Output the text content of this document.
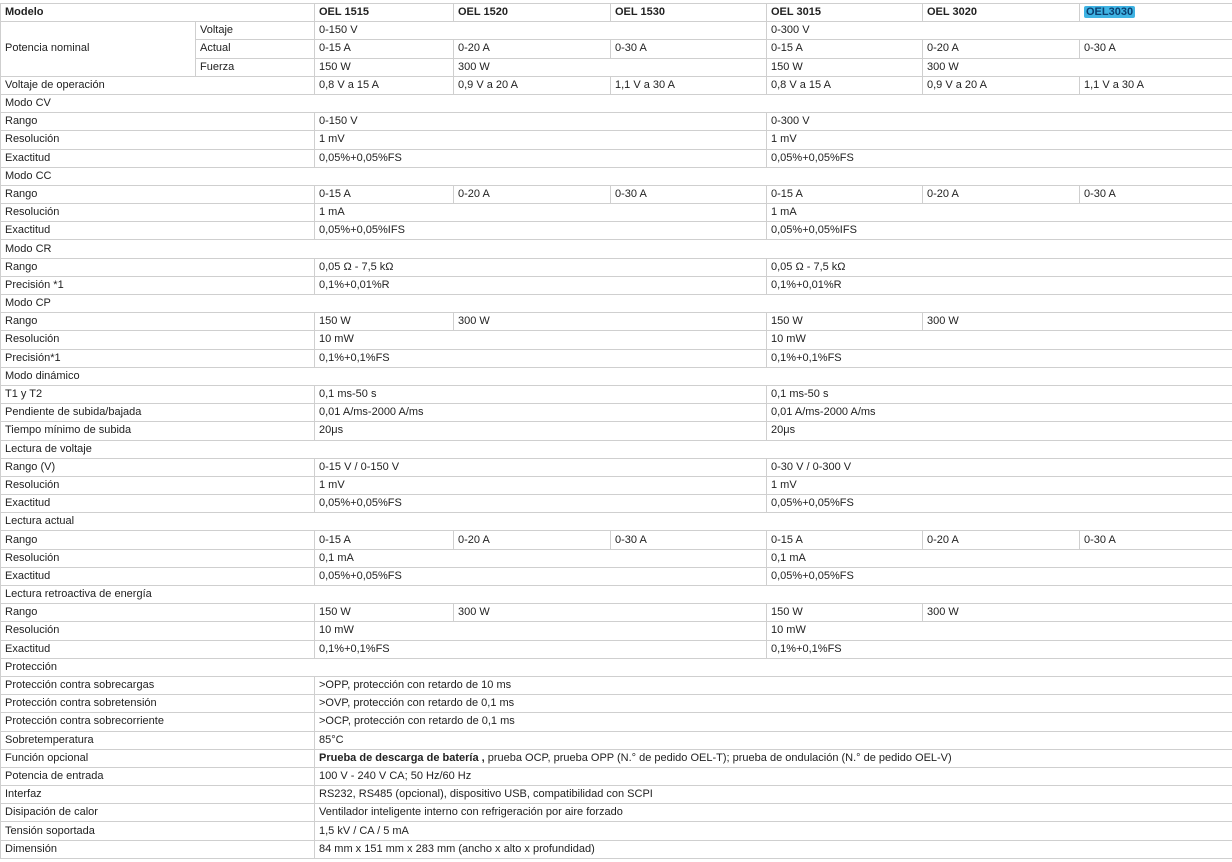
Modelo		OEL 1515	OEL 1520	OEL 1530	OEL 3015	OEL 3020	OEL3030
Potencia nominal	Voltaje	0-150 V			0-300 V		
	Actual	0-15 A	0-20 A	0-30 A	0-15 A	0-20 A	0-30 A
	Fuerza	150 W	300 W		150 W	300 W	
Voltaje de operación		0,8 V a 15 A	0,9 V a 20 A	1,1 V a 30 A	0,8 V a 15 A	0,9 V a 20 A	1,1 V a 30 A
Modo CV							
Rango		0-150 V			0-300 V		
Resolución		1 mV			1 mV		
Exactitud		0,05%+0,05%FS			0,05%+0,05%FS		
Modo CC							
Rango		0-15 A	0-20 A	0-30 A	0-15 A	0-20 A	0-30 A
Resolución		1 mA			1 mA		
Exactitud		0,05%+0,05%IFS			0,05%+0,05%IFS		
Modo CR							
Rango		0,05 Ω - 7,5 kΩ			0,05 Ω - 7,5 kΩ		
Precisión *1		0,1%+0,01%R			0,1%+0,01%R		
Modo CP							
Rango		150 W	300 W		150 W	300 W	
Resolución		10 mW			10 mW		
Precisión*1		0,1%+0,1%FS			0,1%+0,1%FS		
Modo dinámico							
T1 y T2		0,1 ms-50 s			0,1 ms-50 s		
Pendiente de subida/bajada		0,01 A/ms-2000 A/ms			0,01 A/ms-2000 A/ms		
Tiempo mínimo de subida		20μs			20μs		
Lectura de voltaje							
Rango (V)		0-15 V / 0-150 V			0-30 V / 0-300 V		
Resolución		1 mV			1 mV		
Exactitud		0,05%+0,05%FS			0,05%+0,05%FS		
Lectura actual							
Rango		0-15 A	0-20 A	0-30 A	0-15 A	0-20 A	0-30 A
Resolución		0,1 mA			0,1 mA		
Exactitud		0,05%+0,05%FS			0,05%+0,05%FS		
Lectura retroactiva de energía							
Rango		150 W	300 W		150 W	300 W	
Resolución		10 mW			10 mW		
Exactitud		0,1%+0,1%FS			0,1%+0,1%FS		
Protección							
Protección contra sobrecargas		>OPP, protección con retardo de 10 ms					
Protección contra sobretensión		>OVP, protección con retardo de 0,1 ms					
Protección contra sobrecorriente		>OCP, protección con retardo de 0,1 ms					
Sobretemperatura		85°C					
Función opcional		Prueba de descarga de batería , prueba OCP, prueba OPP (N.° de pedido OEL-T); prueba de ondulación (N.° de pedido OEL-V)					
Potencia de entrada		100 V - 240 V CA; 50 Hz/60 Hz					
Interfaz		RS232, RS485 (opcional), dispositivo USB, compatibilidad con SCPI					
Disipación de calor		Ventilador inteligente interno con refrigeración por aire forzado					
Tensión soportada		1,5 kV / CA / 5 mA					
Dimensión		84 mm x 151 mm x 283 mm (ancho x alto x profundidad)					
